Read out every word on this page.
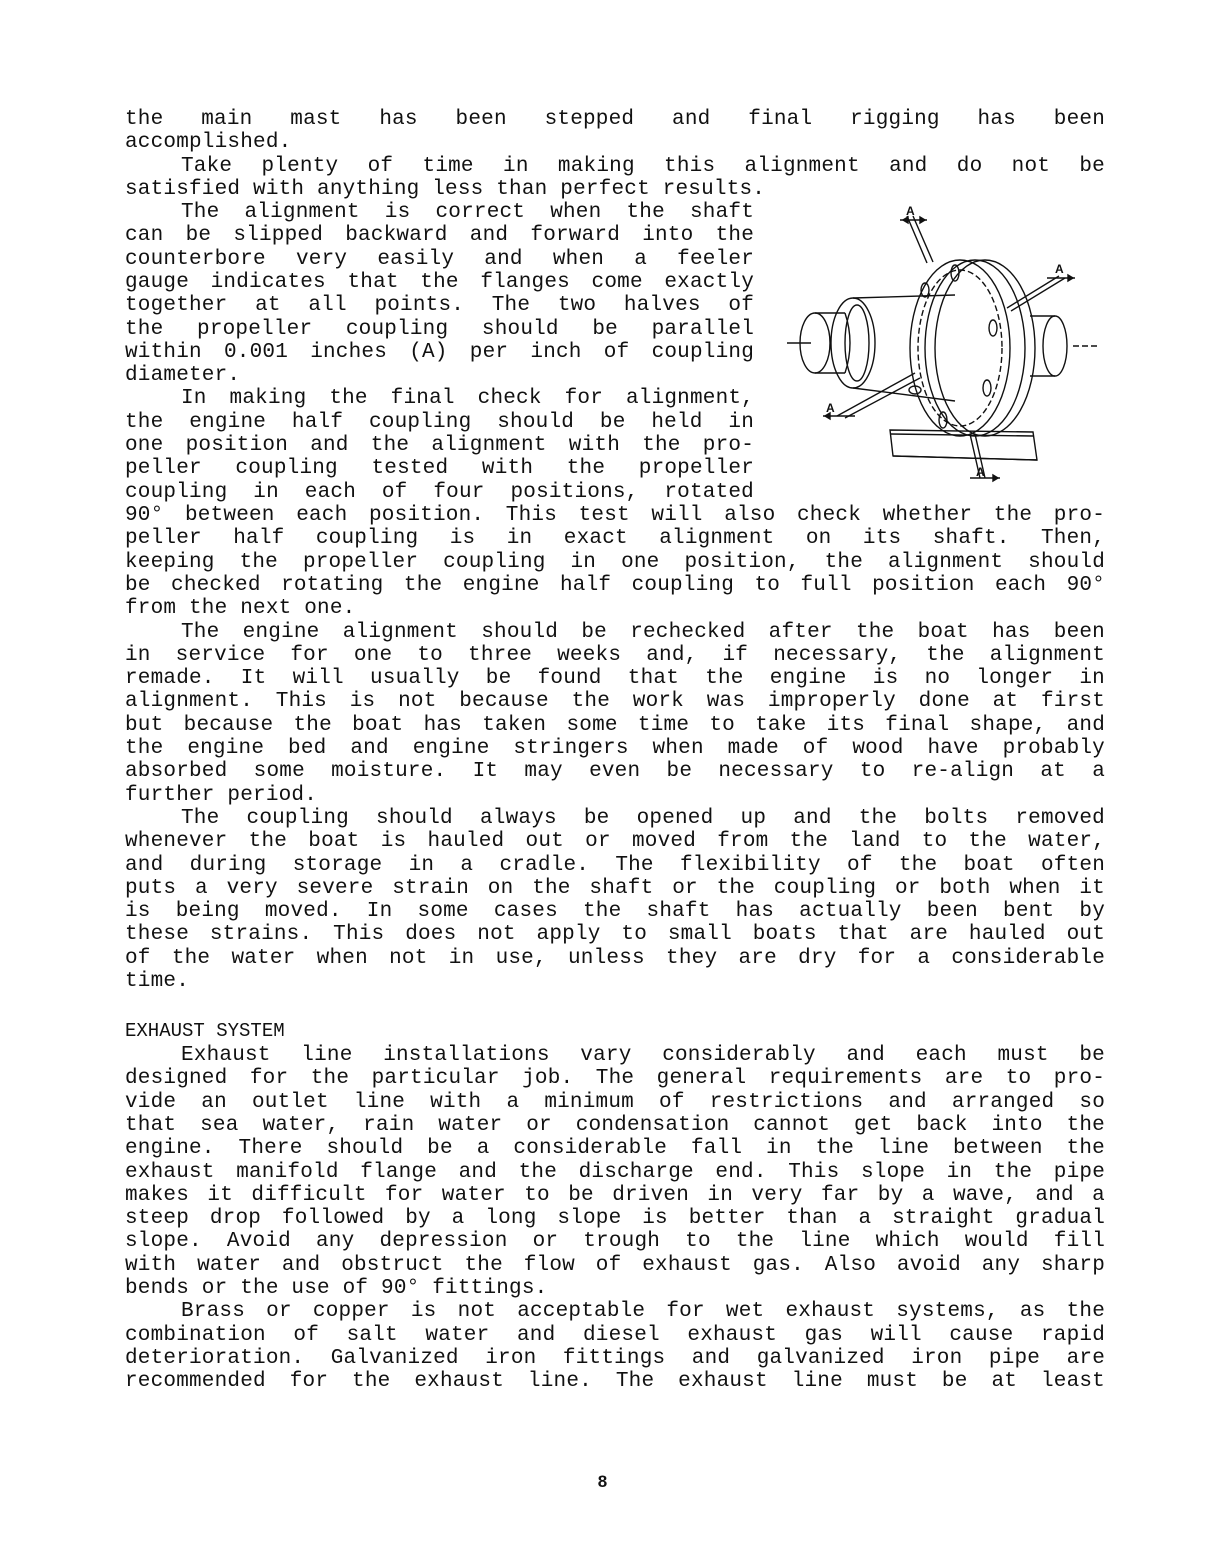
the main mast has been stepped and final rigging has been
accomplished.
Take plenty of time in making this alignment and do not be
satisfied with anything less than perfect results.
The alignment is correct when the shaft
can be slipped backward and forward into the
counterbore very easily and when a feeler
gauge indicates that the flanges come exactly
together at all points. The two halves of
the propeller coupling should be parallel
within 0.001 inches (A) per inch of coupling
diameter.
In making the final check for alignment,
the engine half coupling should be held in
one position and the alignment with the pro-
peller coupling tested with the propeller
coupling in each of four positions, rotated
90° between each position. This test will also check whether the pro-
peller half coupling is in exact alignment on its shaft. Then,
keeping the propeller coupling in one position, the alignment should
be checked rotating the engine half coupling to full position each 90°
from the next one.
The engine alignment should be rechecked after the boat has been
in service for one to three weeks and, if necessary, the alignment
remade. It will usually be found that the engine is no longer in
alignment. This is not because the work was improperly done at first
but because the boat has taken some time to take its final shape, and
the engine bed and engine stringers when made of wood have probably
absorbed some moisture. It may even be necessary to re-align at a
further period.
The coupling should always be opened up and the bolts removed
whenever the boat is hauled out or moved from the land to the water,
and during storage in a cradle. The flexibility of the boat often
puts a very severe strain on the shaft or the coupling or both when it
is being moved. In some cases the shaft has actually been bent by
these strains. This does not apply to small boats that are hauled out
of the water when not in use, unless they are dry for a considerable
time.
Exhaust line installations vary considerably and each must be
designed for the particular job. The general requirements are to pro-
vide an outlet line with a minimum of restrictions and arranged so
that sea water, rain water or condensation cannot get back into the
engine. There should be a considerable fall in the line between the
exhaust manifold flange and the discharge end. This slope in the pipe
makes it difficult for water to be driven in very far by a wave, and a
steep drop followed by a long slope is better than a straight gradual
slope. Avoid any depression or trough to the line which would fill
with water and obstruct the flow of exhaust gas. Also avoid any sharp
bends or the use of 90° fittings.
Brass or copper is not acceptable for wet exhaust systems, as the
combination of salt water and diesel exhaust gas will cause rapid
deterioration. Galvanized iron fittings and galvanized iron pipe are
recommended for the exhaust line. The exhaust line must be at least
EXHAUST SYSTEM
A
A
A
A
8
